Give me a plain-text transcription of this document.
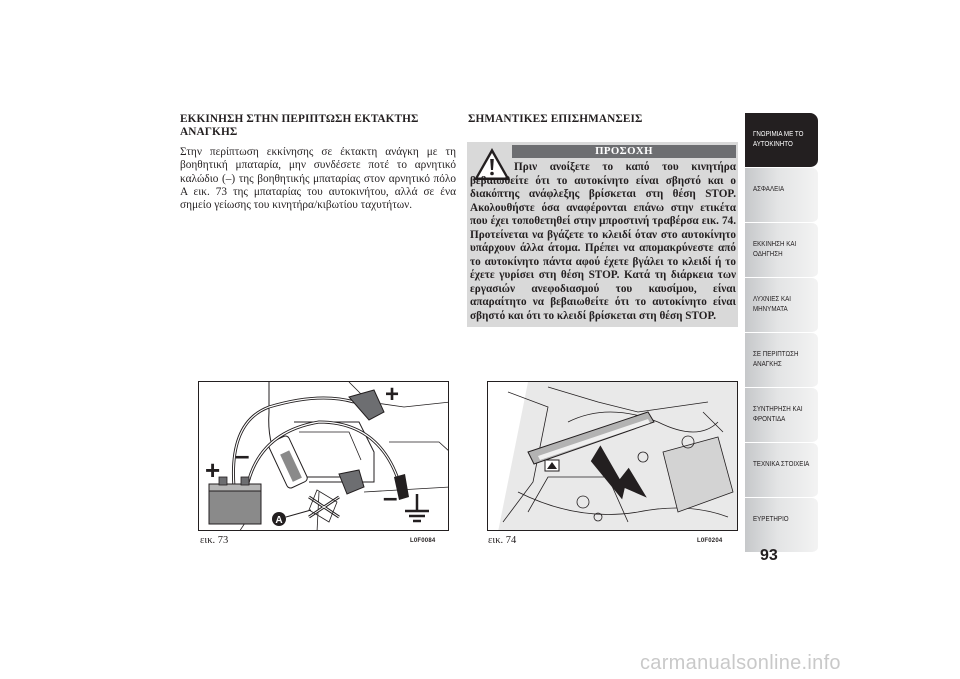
ΕΚΚΙΝΗΣΗ ΣΤΗΝ ΠΕΡΙΠΤΩΣΗ ΕΚΤΑΚΤΗΣ ΑΝΑΓΚΗΣ

Στην περίπτωση εκκίνησης σε έκτακτη ανάγκη με τη βοηθητική μπαταρία, μην συνδέσετε ποτέ το αρνητικό καλώδιο (–) της βοηθητικής μπαταρίας στον αρνητικό πόλο A εικ. 73 της μπαταρίας του αυτοκινήτου, αλλά σε ένα σημείο γείωσης του κινητήρα/κιβωτίου ταχυτήτων.

ΣΗΜΑΝΤΙΚΕΣ ΕΠΙΣΗΜΑΝΣΕΙΣ
ΠΡΟΣΟΧΗ

Πριν ανοίξετε το καπό του κινητήρα βεβαιωθείτε ότι το αυτοκίνητο είναι σβηστό και ο διακόπτης ανάφλεξης βρίσκεται στη θέση STOP. Ακολουθήστε όσα αναφέρονται επάνω στην ετικέτα που έχει τοποθετηθεί στην μπροστινή τραβέρσα εικ. 74. Προτείνεται να βγάζετε το κλειδί όταν στο αυτοκίνητο υπάρχουν άλλα άτομα. Πρέπει να απομακρύνεστε από το αυτοκίνητο πάντα αφού έχετε βγάλει το κλειδί ή το έχετε γυρίσει στη θέση STOP. Κατά τη διάρκεια των εργασιών ανεφοδιασμού του καυσίμου, είναι απαραίτητο να βεβαιωθείτε ότι το αυτοκίνητο είναι σβηστό και ότι το κλειδί βρίσκεται στη θέση STOP.

+ –
+
–
A
εικ. 73	L0F0084	εικ. 74	L0F0204
ΓΝΩΡΙΜΙΑ ΜΕ ΤΟ ΑΥΤΟΚΙΝΗΤΟ
ΑΣΦΑΛΕΙΑ
ΕΚΚΙΝΗΣΗ ΚΑΙ ΟΔΗΓΗΣΗ
ΛΥΧΝΙΕΣ ΚΑΙ ΜΗΝΥΜΑΤΑ
ΣΕ ΠΕΡΙΠΤΩΣΗ ΑΝΑΓΚΗΣ
ΣΥΝΤΗΡΗΣΗ ΚΑΙ ΦΡΟΝΤΙΔΑ
ΤΕΧΝΙΚΑ ΣΤΟΙΧΕΙΑ
ΕΥΡΕΤΗΡΙΟ
93
carmanualsonline.info
